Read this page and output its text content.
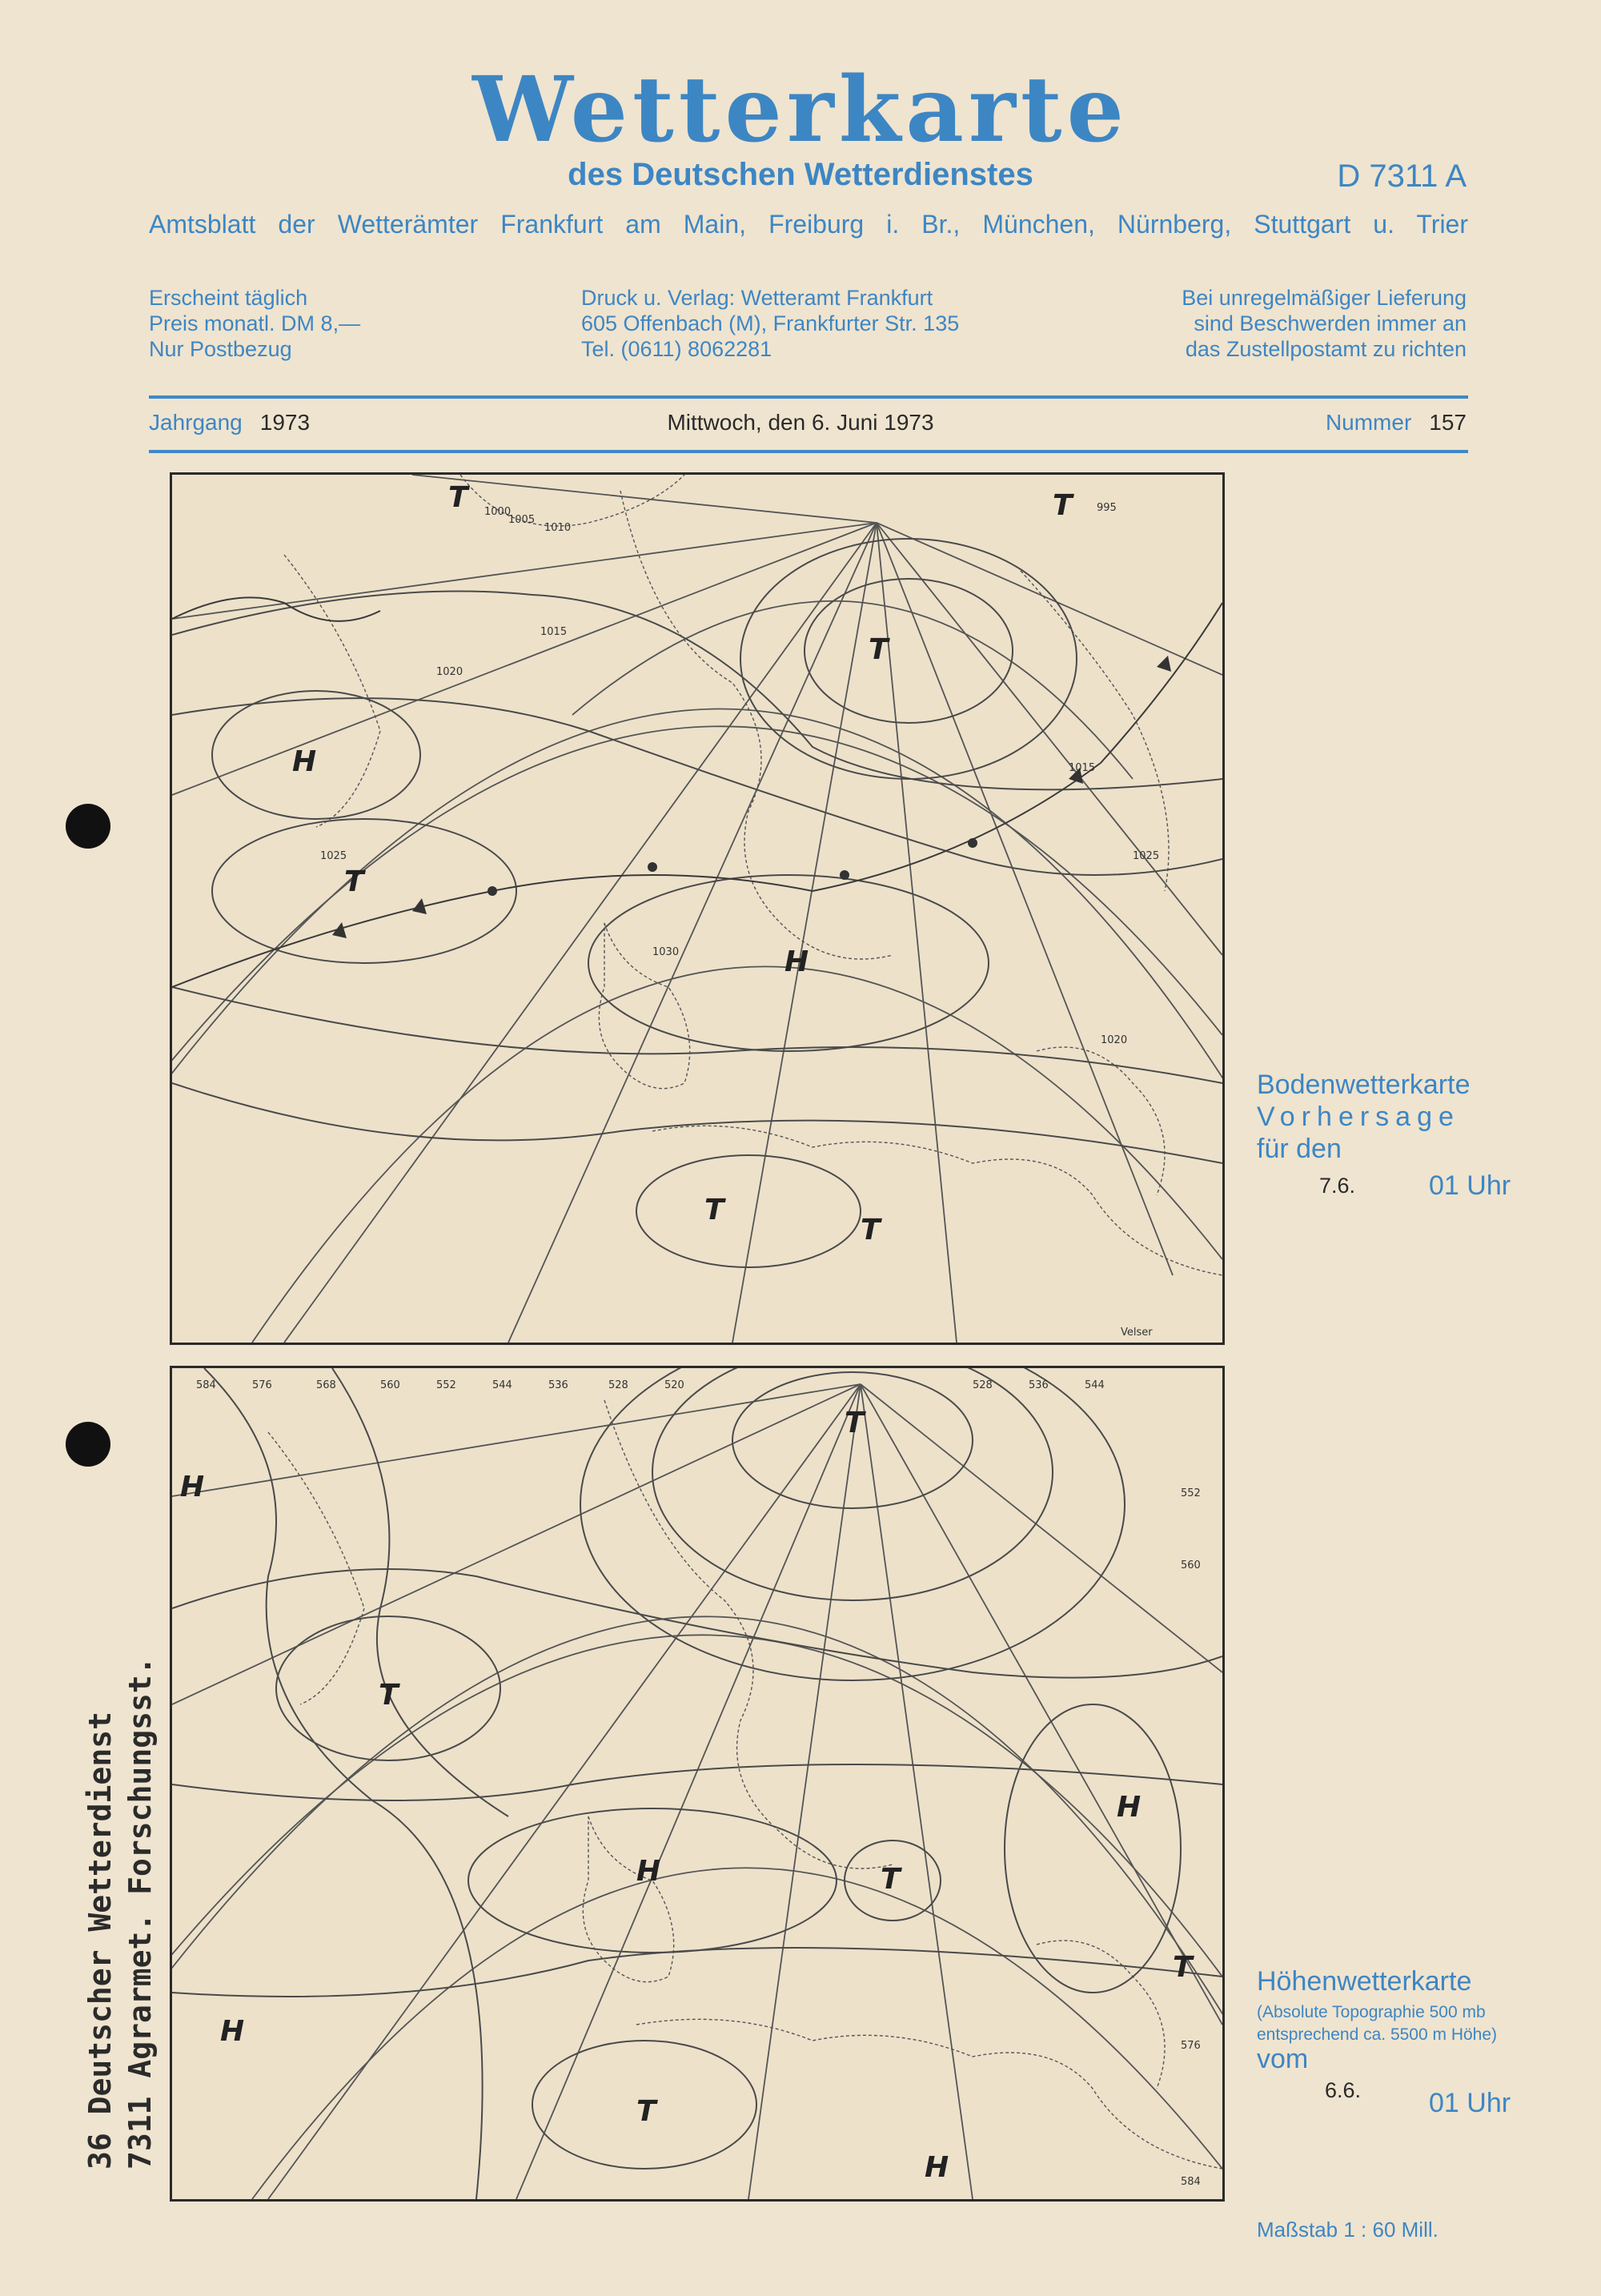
Wetterkarte
des Deutschen Wetterdienstes	D 7311 A
Amtsblatt der Wetterämter Frankfurt am Main, Freiburg i. Br., München, Nürnberg, Stuttgart u. Trier
Erscheint täglich
Preis monatl. DM 8,—
Nur Postbezug
Druck u. Verlag: Wetteramt Frankfurt
605 Offenbach (M), Frankfurter Str. 135
Tel. (0611) 8062281
Bei unregelmäßiger Lieferung
sind Beschwerden immer an
das Zustellpostamt zu richten
Jahrgang 1973	Mittwoch, den 6. Juni 1973	Nummer 157
H
T
H
T
T
T
T
T 1000
1005
1010
1015
1020
1025
1030
995
1015
1020
1025
Velser
Bodenwetterkarte
Vorhersage
für den
7.6.	01 Uhr
T
H
T
H	T
H
H
T
H
T
584	576	568	560	552	544	536	528	520	528	536	544
552
560
576
584
Höhenwetterkarte
(Absolute Topographie 500 mb
entsprechend ca. 5500 m Höhe)
vom
6.6. 01 Uhr
Maßstab 1 : 60 Mill.
36 Deutscher Wetterdienst 7311 Agrarmet. Forschungsst.
